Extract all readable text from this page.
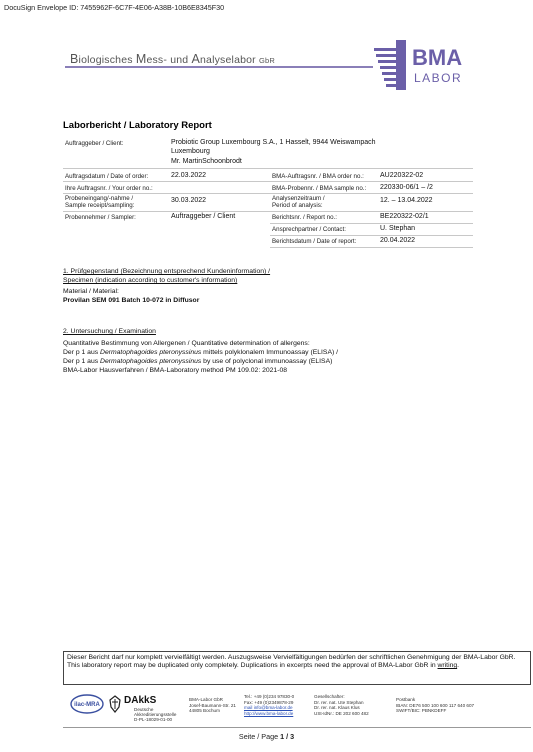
DocuSign Envelope ID: 7455962F-6C7F-4E06-A38B-10B6E8345F30
Biologisches Mess- und Analyselabor GbR	BMA
LABOR
Laborbericht / Laboratory Report
Auftraggeber / Client:	Probiotic Group Luxembourg S.A., 1 Hasselt, 9944 Weiswampach
Luxembourg
Mr. MartinSchoonbrodt
Auftragsdatum / Date of order:	22.03.2022
Ihre Auftragsnr. / Your order no.:
Probeneingang/-nahme /
Sample receipt/sampling:
30.03.2022
Probennehmer / Sampler:	Auftraggeber / Client
BMA-Auftragsnr. / BMA order no.: AU220322-02
BMA-Probennr. / BMA sample no.: 220330-06/1 – /2
Analysenzeitraum /
Period of analysis:
12. – 13.04.2022
Berichtsnr. / Report no.:	BE220322-02/1
Ansprechpartner / Contact:	U. Stephan
Berichtsdatum / Date of report:	20.04.2022
1. Prüfgegenstand (Bezeichnung entsprechend Kundeninformation) /
Specimen (indication according to customer's information)
Material / Material:
Provilan SEM 091 Batch 10-072 in Diffusor
2. Untersuchung / Examination
Quantitative Bestimmung von Allergenen / Quantitative determination of allergens:
Der p 1 aus Dermatophagoides pteronyssinus mittels polyklonalem Immunoassay (ELISA) /
Der p 1 aus Dermatophagoides pteronyssinus by use of polyclonal immunoassay (ELISA)
BMA-Labor Hausverfahren / BMA-Laboratory method PM 109.02: 2021-08
Dieser Bericht darf nur komplett vervielfältigt werden. Auszugsweise Vervielfältigungen bedürfen der schriftlichen Genehmigung der BMA-Labor GbR.
This laboratory report may be duplicated only completely. Duplications in excerpts need the approval of BMA-Labor GbR in writing.
ilac-MRA DAkkS
Deutsche
Akkreditierungsstelle
D-PL-18029-01-00
BMA-Labor GbR
Josef-Baumann-Str. 21
44805 Bochum
Tel.: +49 (0)234 97830-0
Fax: +49 (0)2349878-29
mail info@bma-labor.de
http://www.bma-labor.de
Gesellschafter:
Dr. rer. nat. Ute Stephan
Dr. rer. nat. Klaus Klus
USt-IdNr.: DE 202 600 482
Postbank
IBAN: DE76 500 100 600 117 640 607
SWIFT/BIC: PBNKDEFF
Seite / Page 1 / 3
